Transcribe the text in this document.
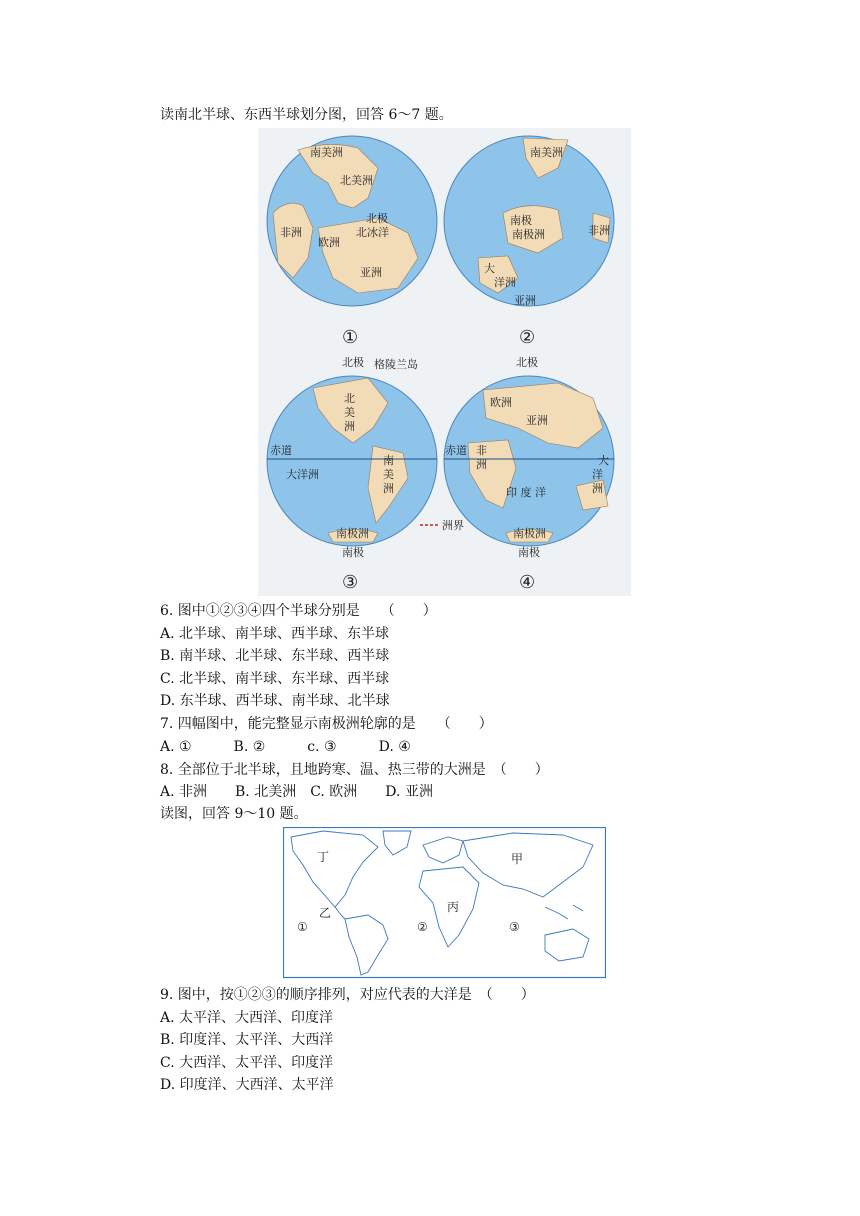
读南北半球、东西半球划分图，回答 6～7 题。
南美洲
北美洲
北极
北冰洋
非洲
欧洲
亚洲
①
南美洲
南极
南极洲	非洲
大
洋洲
亚洲
②
北极 格陵兰岛
北
美
洲
赤道
大洋洲
南
美
洲
南极洲
南极
③
北极
欧洲
亚洲
赤道 非
洲
印 度 洋
大
洋
洲
南极洲
南极
④
洲界
6. 图中①②③④四个半球分别是　　（　　）
A. 北半球、南半球、西半球、东半球
B. 南半球、北半球、东半球、西半球
C. 北半球、南半球、东半球、西半球
D. 东半球、西半球、南半球、北半球
7. 四幅图中，能完整显示南极洲轮廓的是　　（　　）
A. ①　　　B. ②　　　c. ③　　　D. ④
8. 全部位于北半球，且地跨寒、温、热三带的大洲是　（　　）
A. 非洲　　B. 北美洲　C. 欧洲　　D. 亚洲
读图，回答 9～10 题。
丁	甲
乙	丙
①	②	③
9. 图中，按①②③的顺序排列，对应代表的大洋是　（　　）
A. 太平洋、大西洋、印度洋
B. 印度洋、太平洋、大西洋
C. 大西洋、太平洋、印度洋
D. 印度洋、大西洋、太平洋
